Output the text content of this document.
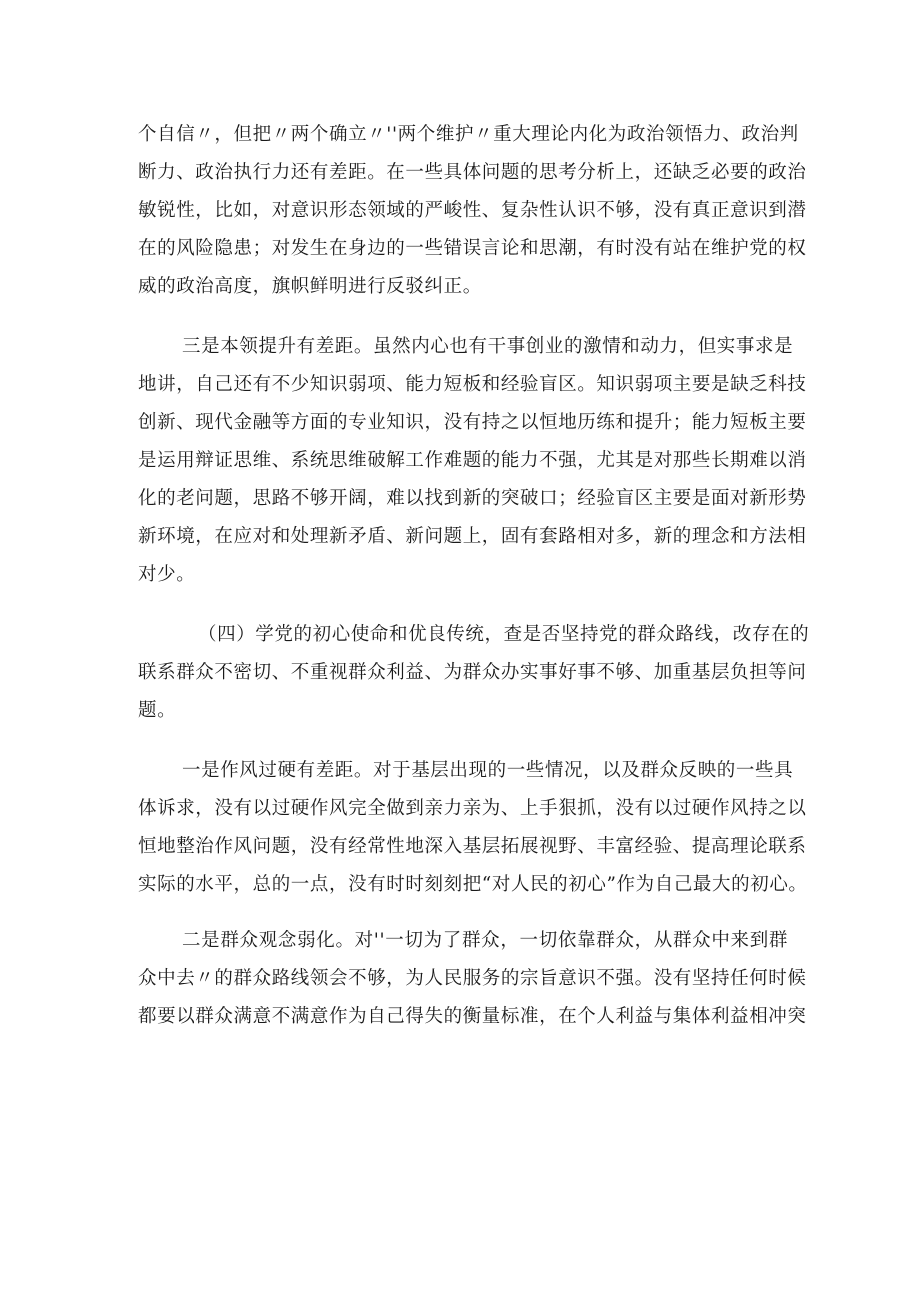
个自信〃，但把〃两个确立〃''两个维护〃重大理论内化为政治领悟力、政治判
断力、政治执行力还有差距。在一些具体问题的思考分析上，还缺乏必要的政治
敏锐性，比如，对意识形态领域的严峻性、复杂性认识不够，没有真正意识到潜
在的风险隐患；对发生在身边的一些错误言论和思潮，有时没有站在维护党的权
威的政治高度，旗帜鲜明进行反驳纠正。
三是本领提升有差距。虽然内心也有干事创业的激情和动力，但实事求是
地讲，自己还有不少知识弱项、能力短板和经验盲区。知识弱项主要是缺乏科技
创新、现代金融等方面的专业知识，没有持之以恒地历练和提升；能力短板主要
是运用辩证思维、系统思维破解工作难题的能力不强，尤其是对那些长期难以消
化的老问题，思路不够开阔，难以找到新的突破口；经验盲区主要是面对新形势
新环境，在应对和处理新矛盾、新问题上，固有套路相对多，新的理念和方法相
对少。
（四）学党的初心使命和优良传统，查是否坚持党的群众路线，改存在的
联系群众不密切、不重视群众利益、为群众办实事好事不够、加重基层负担等问
题。
一是作风过硬有差距。对于基层出现的一些情况，以及群众反映的一些具
体诉求，没有以过硬作风完全做到亲力亲为、上手狠抓，没有以过硬作风持之以
恒地整治作风问题，没有经常性地深入基层拓展视野、丰富经验、提高理论联系
实际的水平，总的一点，没有时时刻刻把“对人民的初心”作为自己最大的初心。
二是群众观念弱化。对''一切为了群众，一切依靠群众，从群众中来到群
众中去〃的群众路线领会不够，为人民服务的宗旨意识不强。没有坚持任何时候
都要以群众满意不满意作为自己得失的衡量标准，在个人利益与集体利益相冲突
